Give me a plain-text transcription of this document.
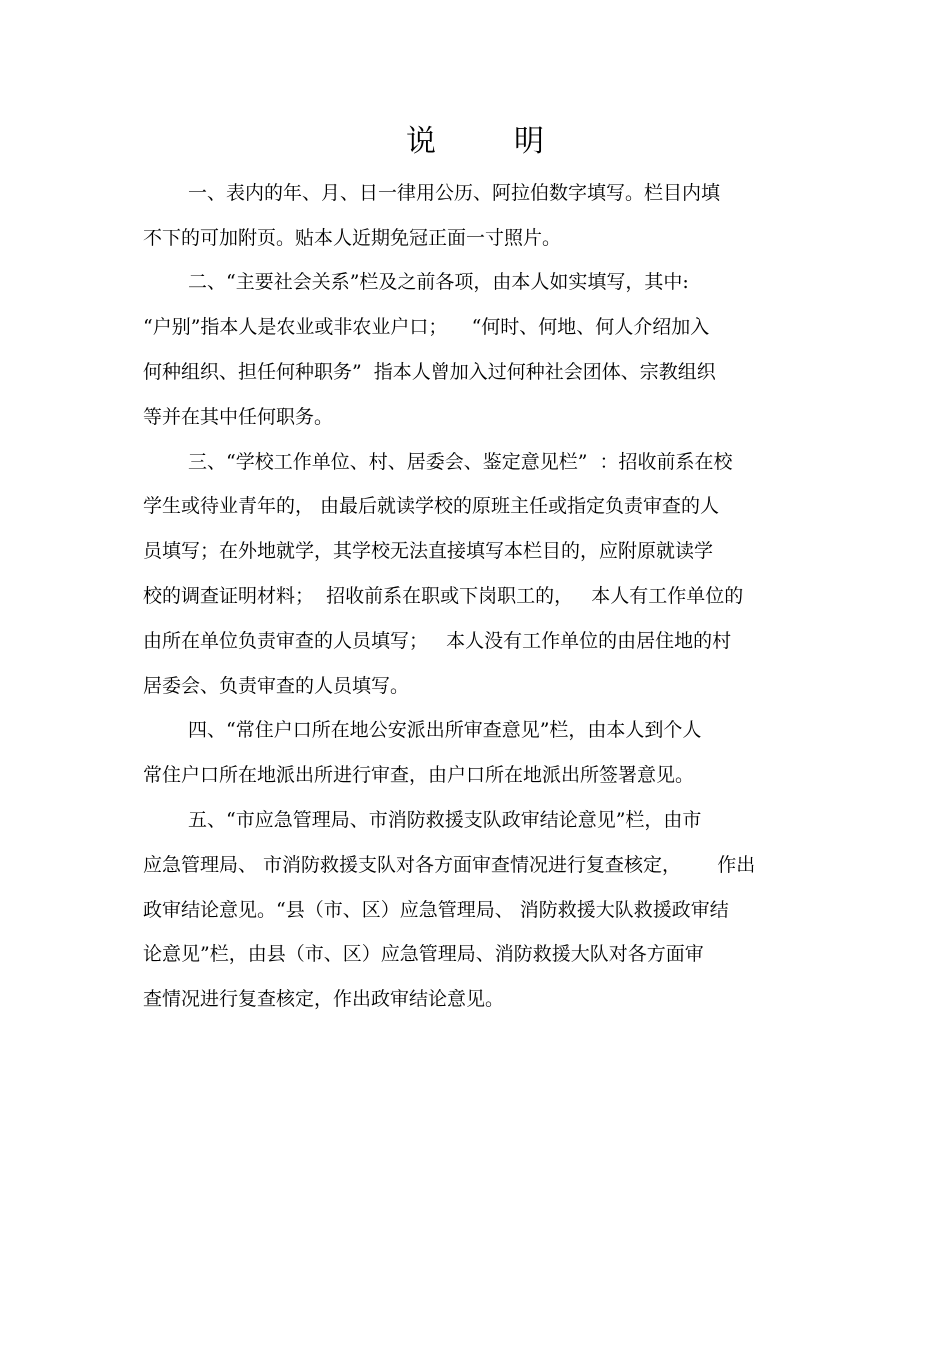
说	明
一、表内的年、月、日一律用公历、阿拉伯数字填写。栏目内填
不下的可加附页。贴本人近期免冠正面一寸照片。
二、“主要社会关系”栏及之前各项，由本人如实填写，其中:
“户别”指本人是农业或非农业户口；    “何时、何地、何人介绍加入
何种组织、担任何种职务”  指本人曾加入过何种社会团体、宗教组织
等并在其中任何职务。
三、“学校工作单位、村、居委会、鉴定意见栏”  ：招收前系在校
学生或待业青年的， 由最后就读学校的原班主任或指定负责审查的人
员填写；在外地就学，其学校无法直接填写本栏目的，应附原就读学
校的调查证明材料；  招收前系在职或下岗职工的，   本人有工作单位的
由所在单位负责审查的人员填写；   本人没有工作单位的由居住地的村
居委会、负责审查的人员填写。
四、“常住户口所在地公安派出所审查意见”栏，由本人到个人
常住户口所在地派出所进行审查，由户口所在地派出所签署意见。
五、“市应急管理局、市消防救援支队政审结论意见”栏，由市
应急管理局、 市消防救援支队对各方面审查情况进行复查核定，      作出
政审结论意见。“县（市、区）应急管理局、 消防救援大队救援政审结
论意见”栏，由县（市、区）应急管理局、消防救援大队对各方面审
查情况进行复查核定，作出政审结论意见。
